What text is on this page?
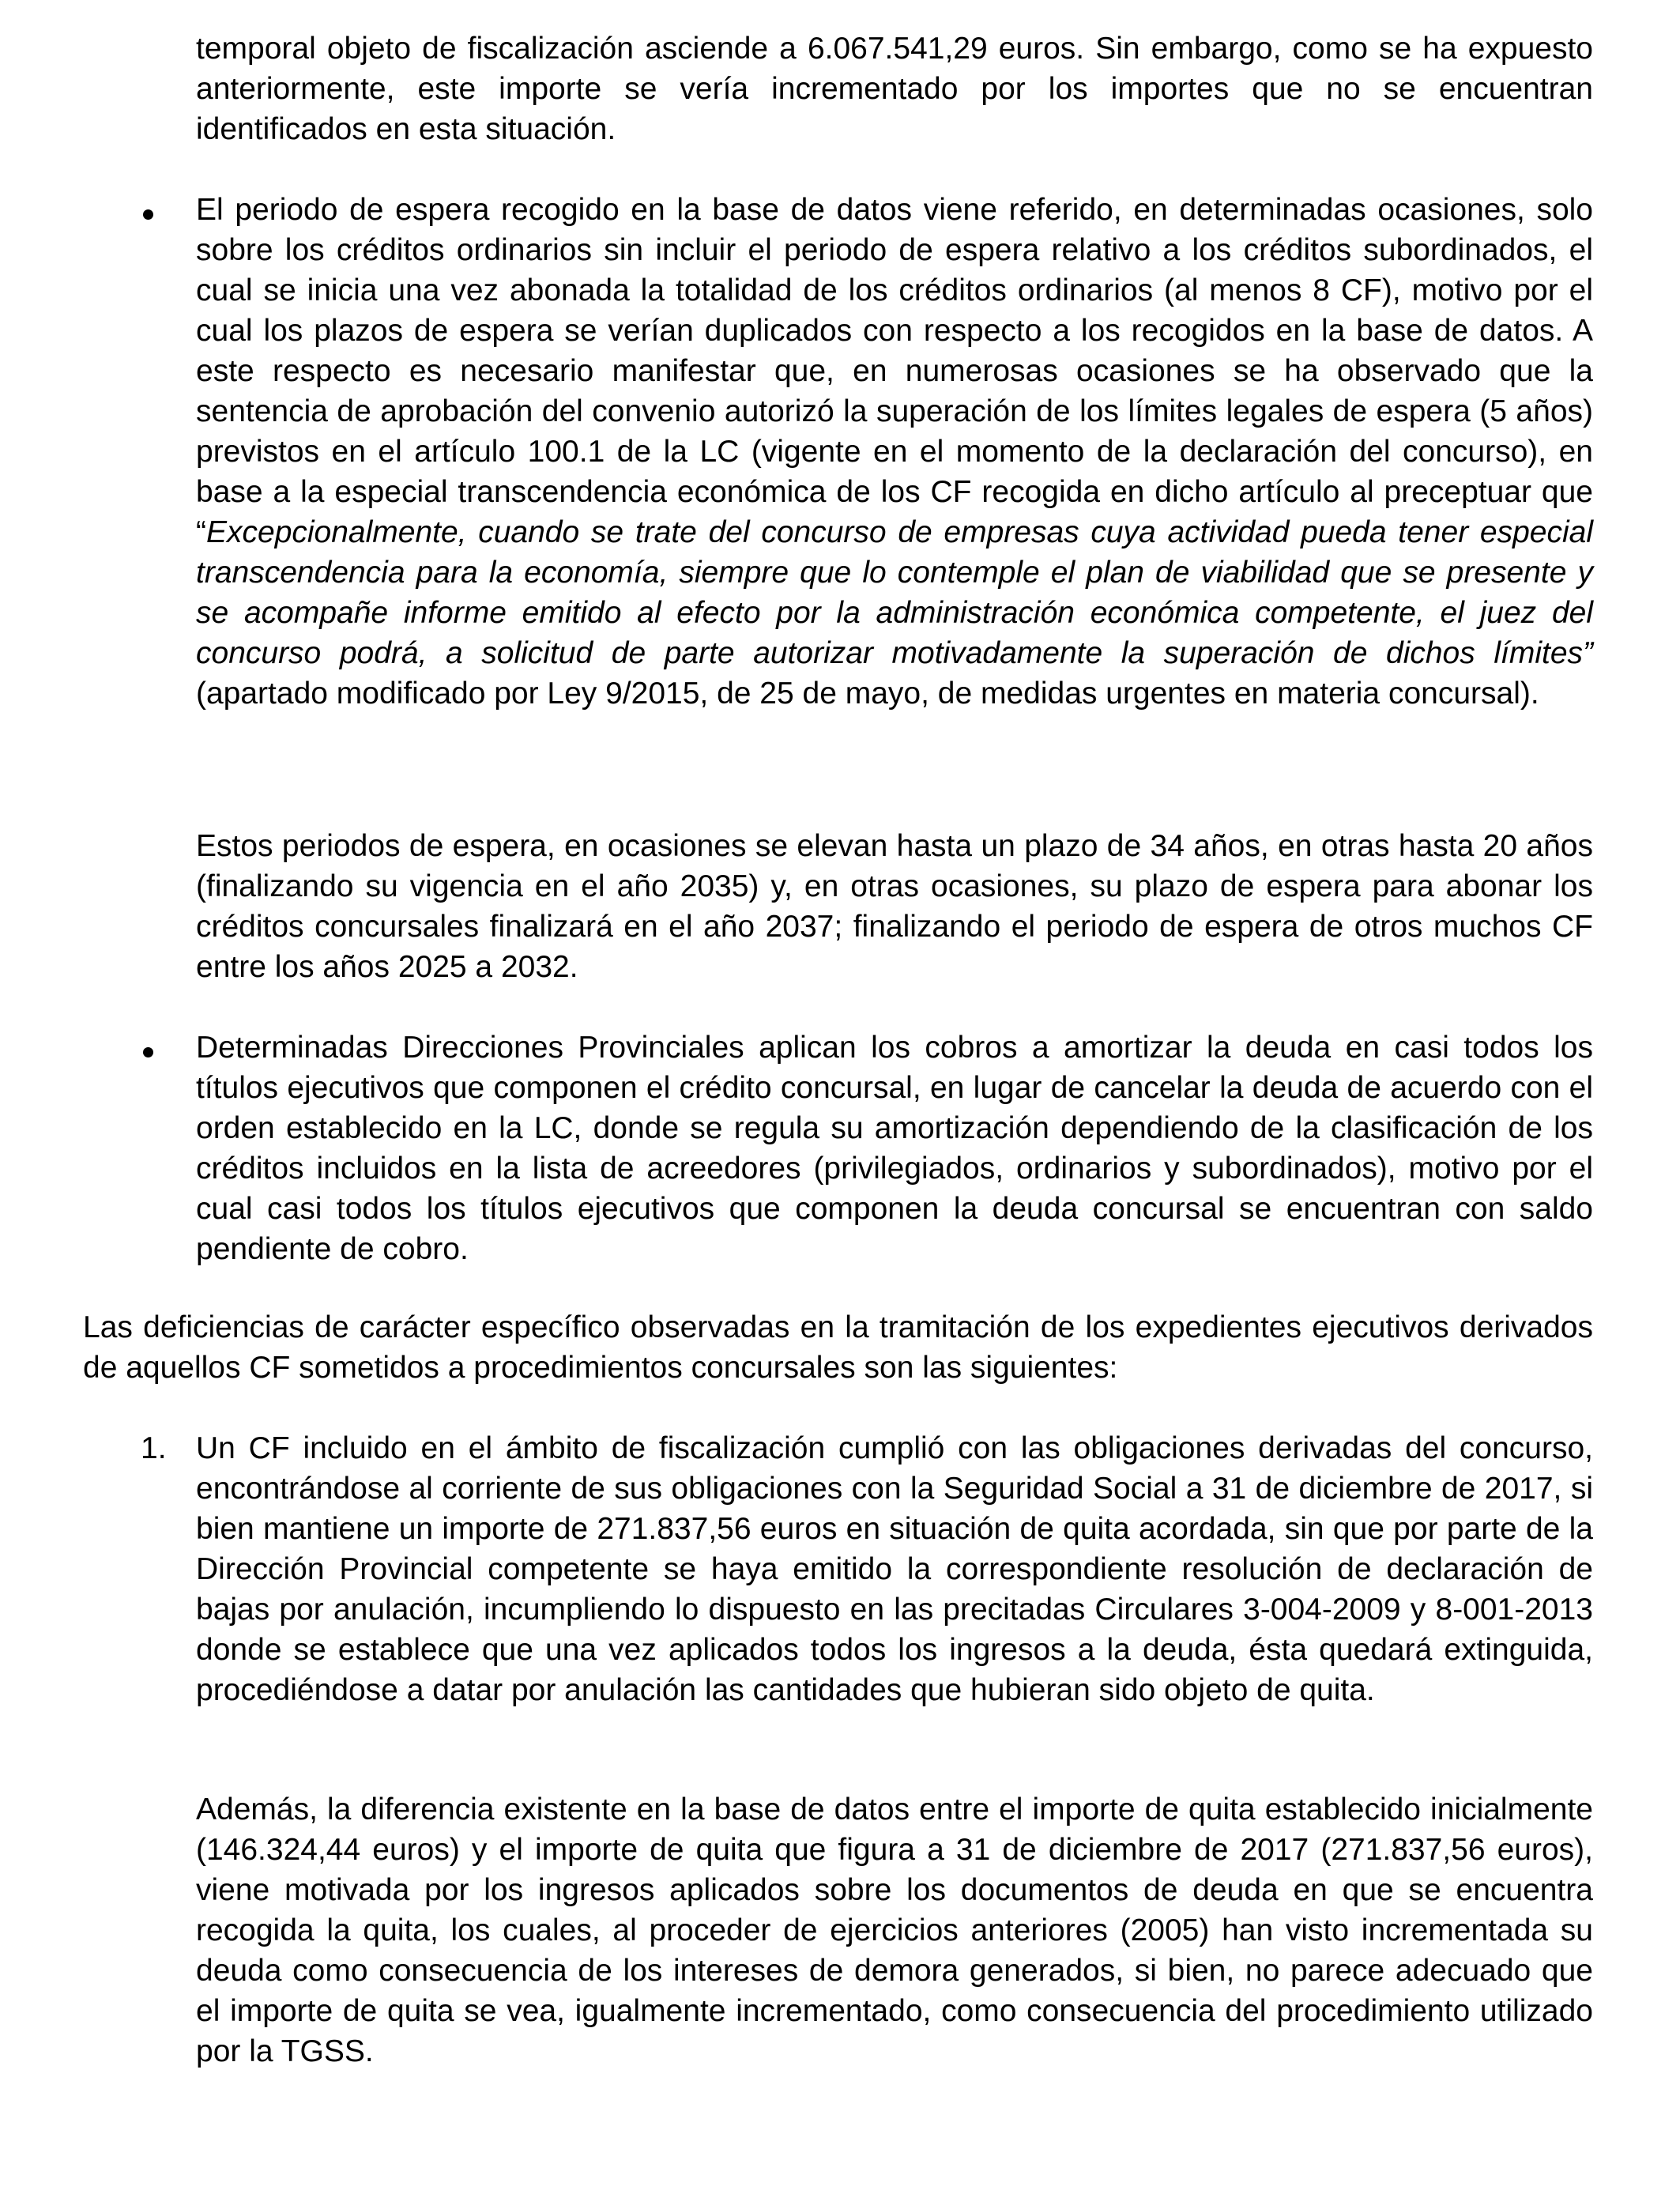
temporal objeto de fiscalización asciende a 6.067.541,29 euros. Sin embargo, como se ha expuesto anteriormente, este importe se vería incrementado por los importes que no se encuentran identificados en esta situación.

El periodo de espera recogido en la base de datos viene referido, en determinadas ocasiones, solo sobre los créditos ordinarios sin incluir el periodo de espera relativo a los créditos subordinados, el cual se inicia una vez abonada la totalidad de los créditos ordinarios (al menos 8 CF), motivo por el cual los plazos de espera se verían duplicados con respecto a los recogidos en la base de datos. A este respecto es necesario manifestar que, en numerosas ocasiones se ha observado que la sentencia de aprobación del convenio autorizó la superación de los límites legales de espera (5 años) previstos en el artículo 100.1 de la LC (vigente en el momento de la declaración del concurso), en base a la especial transcendencia económica de los CF recogida en dicho artículo al preceptuar que “Excepcionalmente, cuando se trate del concurso de empresas cuya actividad pueda tener especial transcendencia para la economía, siempre que lo contemple el plan de viabilidad que se presente y se acompañe informe emitido al efecto por la administración económica competente, el juez del concurso podrá, a solicitud de parte autorizar motivadamente la superación de dichos límites” (apartado modificado por Ley 9/2015, de 25 de mayo, de medidas urgentes en materia concursal).

Estos periodos de espera, en ocasiones se elevan hasta un plazo de 34 años, en otras hasta 20 años (finalizando su vigencia en el año 2035) y, en otras ocasiones, su plazo de espera para abonar los créditos concursales finalizará en el año 2037; finalizando el periodo de espera de otros muchos CF entre los años 2025 a 2032.

Determinadas Direcciones Provinciales aplican los cobros a amortizar la deuda en casi todos los títulos ejecutivos que componen el crédito concursal, en lugar de cancelar la deuda de acuerdo con el orden establecido en la LC, donde se regula su amortización dependiendo de la clasificación de los créditos incluidos en la lista de acreedores (privilegiados, ordinarios y subordinados), motivo por el cual casi todos los títulos ejecutivos que componen la deuda concursal se encuentran con saldo pendiente de cobro.

Las deficiencias de carácter específico observadas en la tramitación de los expedientes ejecutivos derivados de aquellos CF sometidos a procedimientos concursales son las siguientes:

1. Un CF incluido en el ámbito de fiscalización cumplió con las obligaciones derivadas del concurso, encontrándose al corriente de sus obligaciones con la Seguridad Social a 31 de diciembre de 2017, si bien mantiene un importe de 271.837,56 euros en situación de quita acordada, sin que por parte de la Dirección Provincial competente se haya emitido la correspondiente resolución de declaración de bajas por anulación, incumpliendo lo dispuesto en las precitadas Circulares 3-004-2009 y 8-001-2013 donde se establece que una vez aplicados todos los ingresos a la deuda, ésta quedará extinguida, procediéndose a datar por anulación las cantidades que hubieran sido objeto de quita.

Además, la diferencia existente en la base de datos entre el importe de quita establecido inicialmente (146.324,44 euros) y el importe de quita que figura a 31 de diciembre de 2017 (271.837,56 euros), viene motivada por los ingresos aplicados sobre los documentos de deuda en que se encuentra recogida la quita, los cuales, al proceder de ejercicios anteriores (2005) han visto incrementada su deuda como consecuencia de los intereses de demora generados, si bien, no parece adecuado que el importe de quita se vea, igualmente incrementado, como consecuencia del procedimiento utilizado por la TGSS.
